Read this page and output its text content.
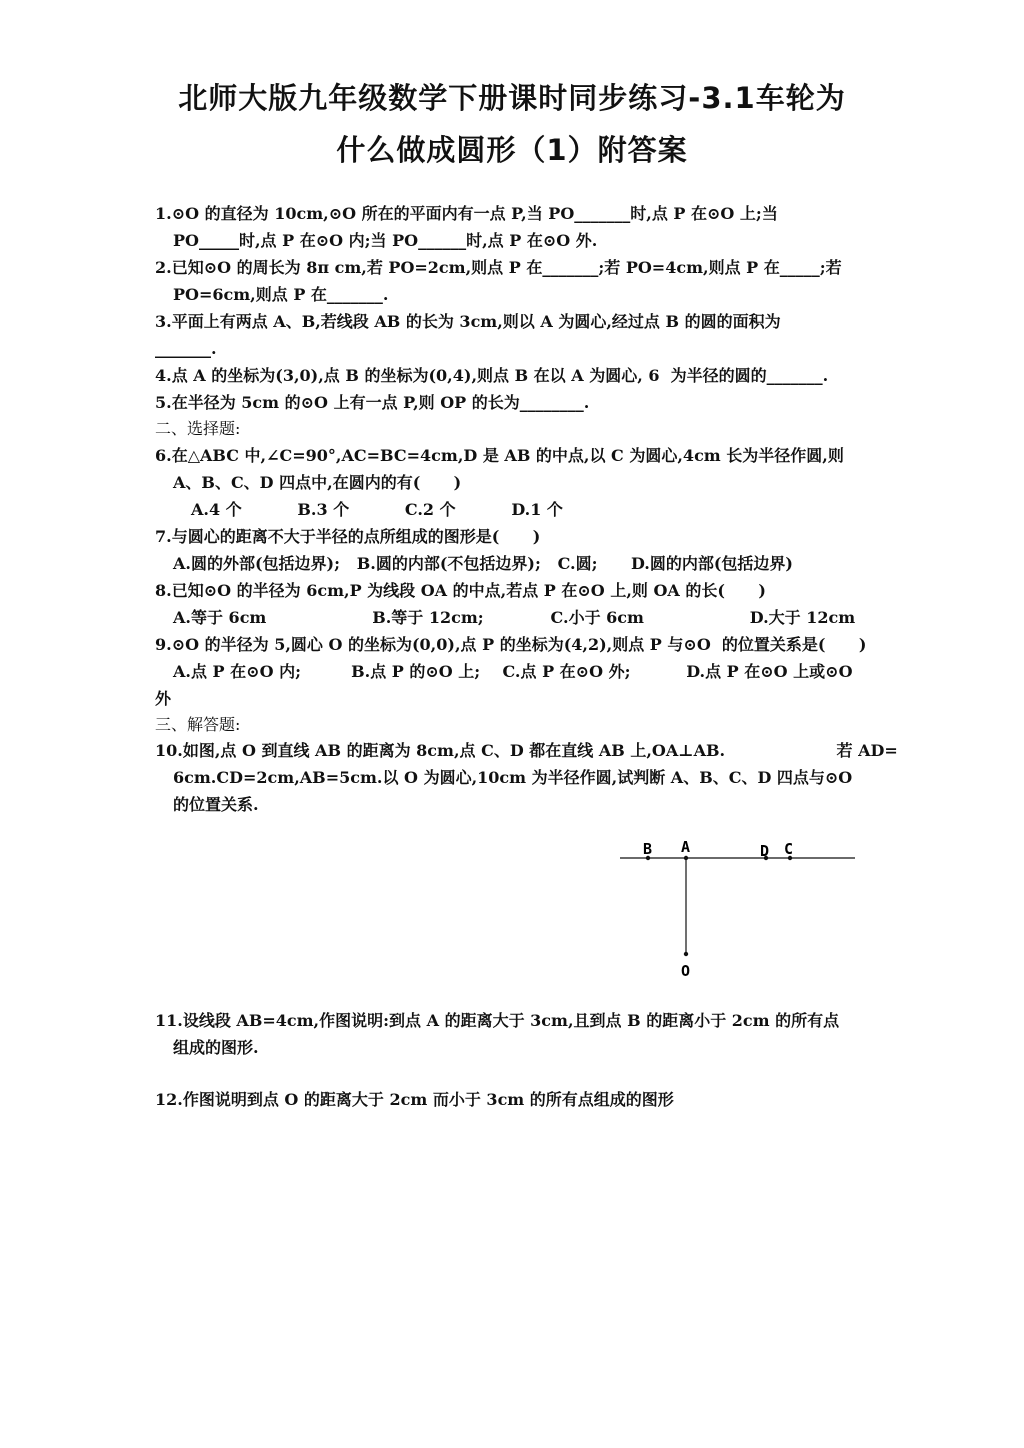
北师大版九年级数学下册课时同步练习-3.1车轮为
什么做成圆形（1）附答案
1.⊙O 的直径为 10cm,⊙O 所在的平面内有一点 P,当 PO_______时,点 P 在⊙O 上;当
PO_____时,点 P 在⊙O 内;当 PO______时,点 P 在⊙O 外.
2.已知⊙O 的周长为 8π cm,若 PO=2cm,则点 P 在_______;若 PO=4cm,则点 P 在_____;若
PO=6cm,则点 P 在_______.
3.平面上有两点 A、B,若线段 AB 的长为 3cm,则以 A 为圆心,经过点 B 的圆的面积为
_______.
4.点 A 的坐标为(3,0),点 B 的坐标为(0,4),则点 B 在以 A 为圆心, 6  为半径的圆的_______.
5.在半径为 5cm 的⊙O 上有一点 P,则 OP 的长为________.
二、选择题:
6.在△ABC 中,∠C=90°,AC=BC=4cm,D 是 AB 的中点,以 C 为圆心,4cm 长为半径作圆,则
A、B、C、D 四点中,在圆内的有(      )
A.4 个          B.3 个          C.2 个          D.1 个
7.与圆心的距离不大于半径的点所组成的图形是(      )
A.圆的外部(包括边界);   B.圆的内部(不包括边界);   C.圆;      D.圆的内部(包括边界)
8.已知⊙O 的半径为 6cm,P 为线段 OA 的中点,若点 P 在⊙O 上,则 OA 的长(      )
A.等于 6cm                   B.等于 12cm;            C.小于 6cm                   D.大于 12cm
9.⊙O 的半径为 5,圆心 O 的坐标为(0,0),点 P 的坐标为(4,2),则点 P 与⊙O  的位置关系是(      )
A.点 P 在⊙O 内;         B.点 P 的⊙O 上;    C.点 P 在⊙O 外;          D.点 P 在⊙O 上或⊙O
外
三、解答题:
10.如图,点 O 到直线 AB 的距离为 8cm,点 C、D 都在直线 AB 上,OA⊥AB.                    若 AD=
6cm.CD=2cm,AB=5cm.以 O 为圆心,10cm 为半径作圆,试判断 A、B、C、D 四点与⊙O
的位置关系.
B A	D C
O
11.设线段 AB=4cm,作图说明:到点 A 的距离大于 3cm,且到点 B 的距离小于 2cm 的所有点
组成的图形.
12.作图说明到点 O 的距离大于 2cm 而小于 3cm 的所有点组成的图形
